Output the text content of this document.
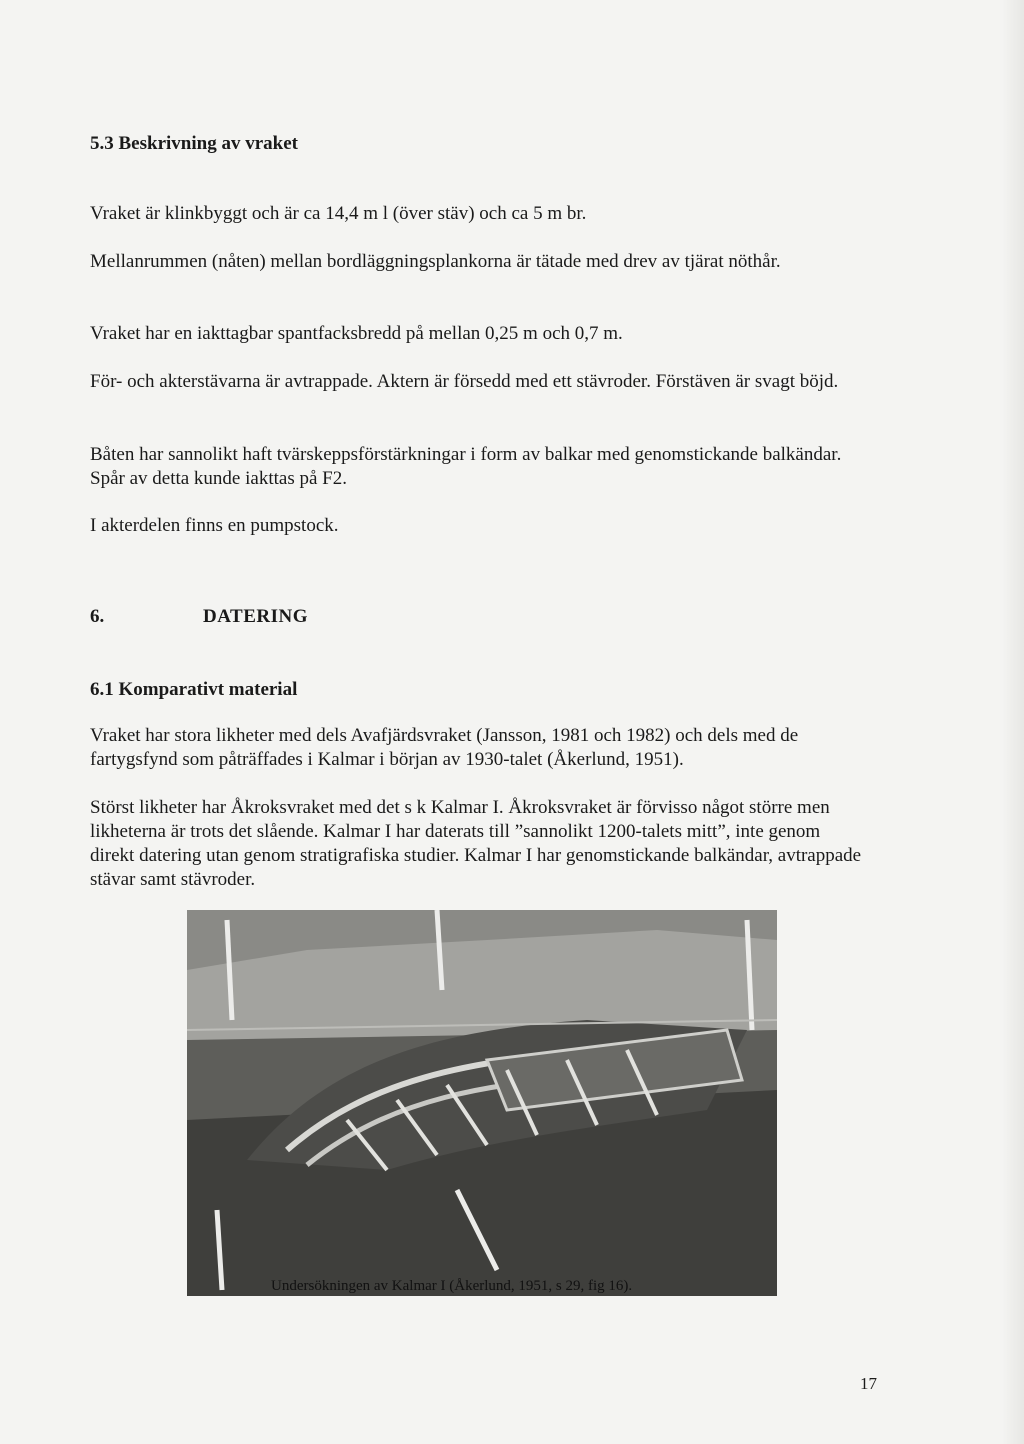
5.3 Beskrivning av vraket

Vraket är klinkbyggt och är ca 14,4 m l (över stäv) och ca 5 m br.

Mellanrummen (nåten) mellan bordläggningsplankorna är tätade med drev av tjärat nöthår.

Vraket har en iakttagbar spantfacksbredd på mellan 0,25 m och 0,7 m.

För- och akterstävarna är avtrappade. Aktern är försedd med ett stävroder. Förstäven är svagt böjd.

Båten har sannolikt haft tvärskeppsförstärkningar i form av balkar med genomstickande balkändar. Spår av detta kunde iakttas på F2.

I akterdelen finns en pumpstock.

6.	DATERING

6.1 Komparativt material

Vraket har stora likheter med dels Avafjärdsvraket (Jansson, 1981 och 1982) och dels med de fartygsfynd som påträffades i Kalmar i början av 1930-talet (Åkerlund, 1951).

Störst likheter har Åkroksvraket med det s k Kalmar I. Åkroksvraket är förvisso något större men likheterna är trots det slående. Kalmar I har daterats till ”sannolikt 1200-talets mitt”, inte genom direkt datering utan genom stratigrafiska studier. Kalmar I har genomstickande balkändar, avtrappade stävar samt stävroder.

Undersökningen av Kalmar I (Åkerlund, 1951, s 29, fig 16).

17
